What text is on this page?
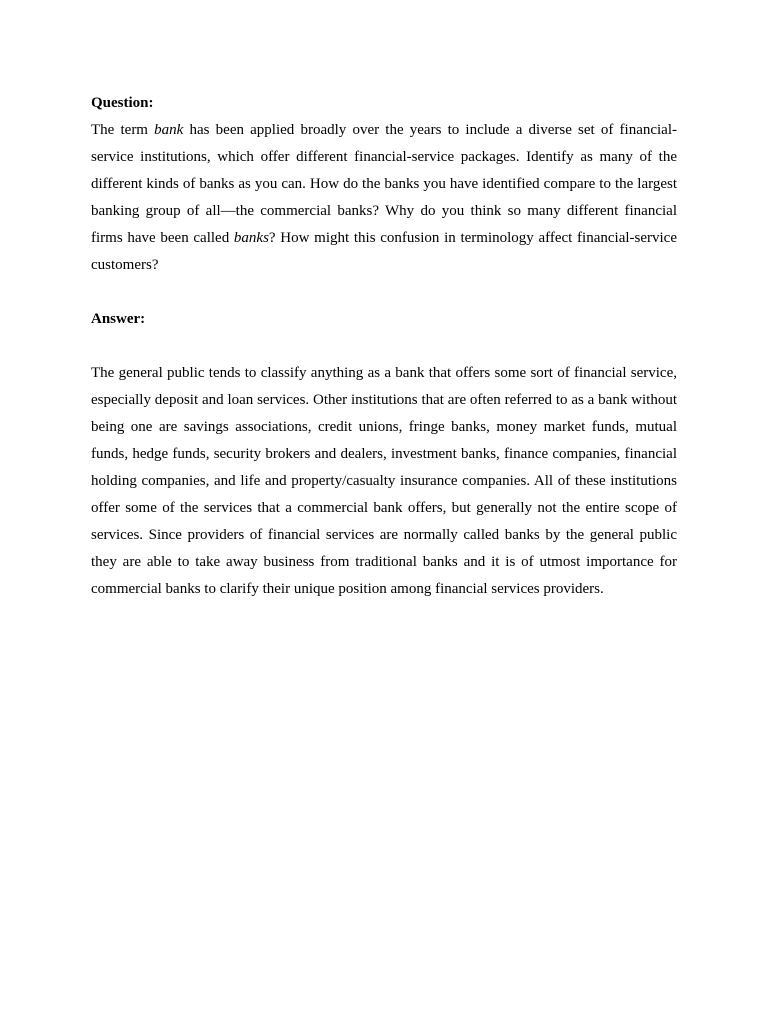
Question:

The term bank has been applied broadly over the years to include a diverse set of financial-service institutions, which offer different financial-service packages. Identify as many of the different kinds of banks as you can. How do the banks you have identified compare to the largest banking group of all—the commercial banks? Why do you think so many different financial firms have been called banks? How might this confusion in terminology affect financial-service customers?

Answer:

The general public tends to classify anything as a bank that offers some sort of financial service, especially deposit and loan services. Other institutions that are often referred to as a bank without being one are savings associations, credit unions, fringe banks, money market funds, mutual funds, hedge funds, security brokers and dealers, investment banks, finance companies, financial holding companies, and life and property/casualty insurance companies. All of these institutions offer some of the services that a commercial bank offers, but generally not the entire scope of services. Since providers of financial services are normally called banks by the general public they are able to take away business from traditional banks and it is of utmost importance for commercial banks to clarify their unique position among financial services providers.
